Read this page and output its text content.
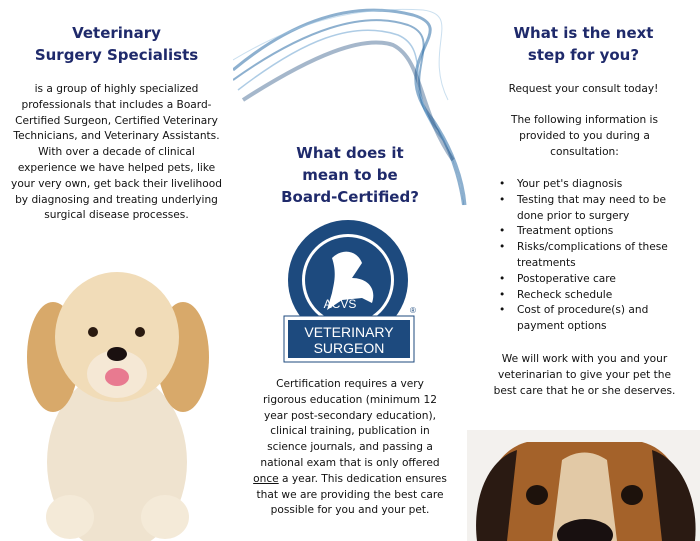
Veterinary
Surgery Specialists
is a group of highly specialized professionals that includes a Board-Certified Surgeon, Certified Veterinary Technicians, and Veterinary Assistants.
With over a decade of clinical experience we have helped pets, like your very own, get back their livelihood by diagnosing and treating underlying surgical disease processes.
What does it mean to be Board-Certified?
ACVS	®
VETERINARY
SURGEON
Certification requires a very rigorous education (minimum 12 year post-secondary education), clinical training, publication in science journals, and passing a national exam that is only offered once a year. This dedication ensures that we are providing the best care possible for you and your pet.
What is the next
step for you?
Request your consult today!
The following information is provided to you during a consultation:
• Your pet's diagnosis
• Testing that may need to be done prior to surgery
• Treatment options
• Risks/complications of these treatments
• Postoperative care
• Recheck schedule
• Cost of procedure(s) and payment options
We will work with you and your veterinarian to give your pet the best care that he or she deserves.
